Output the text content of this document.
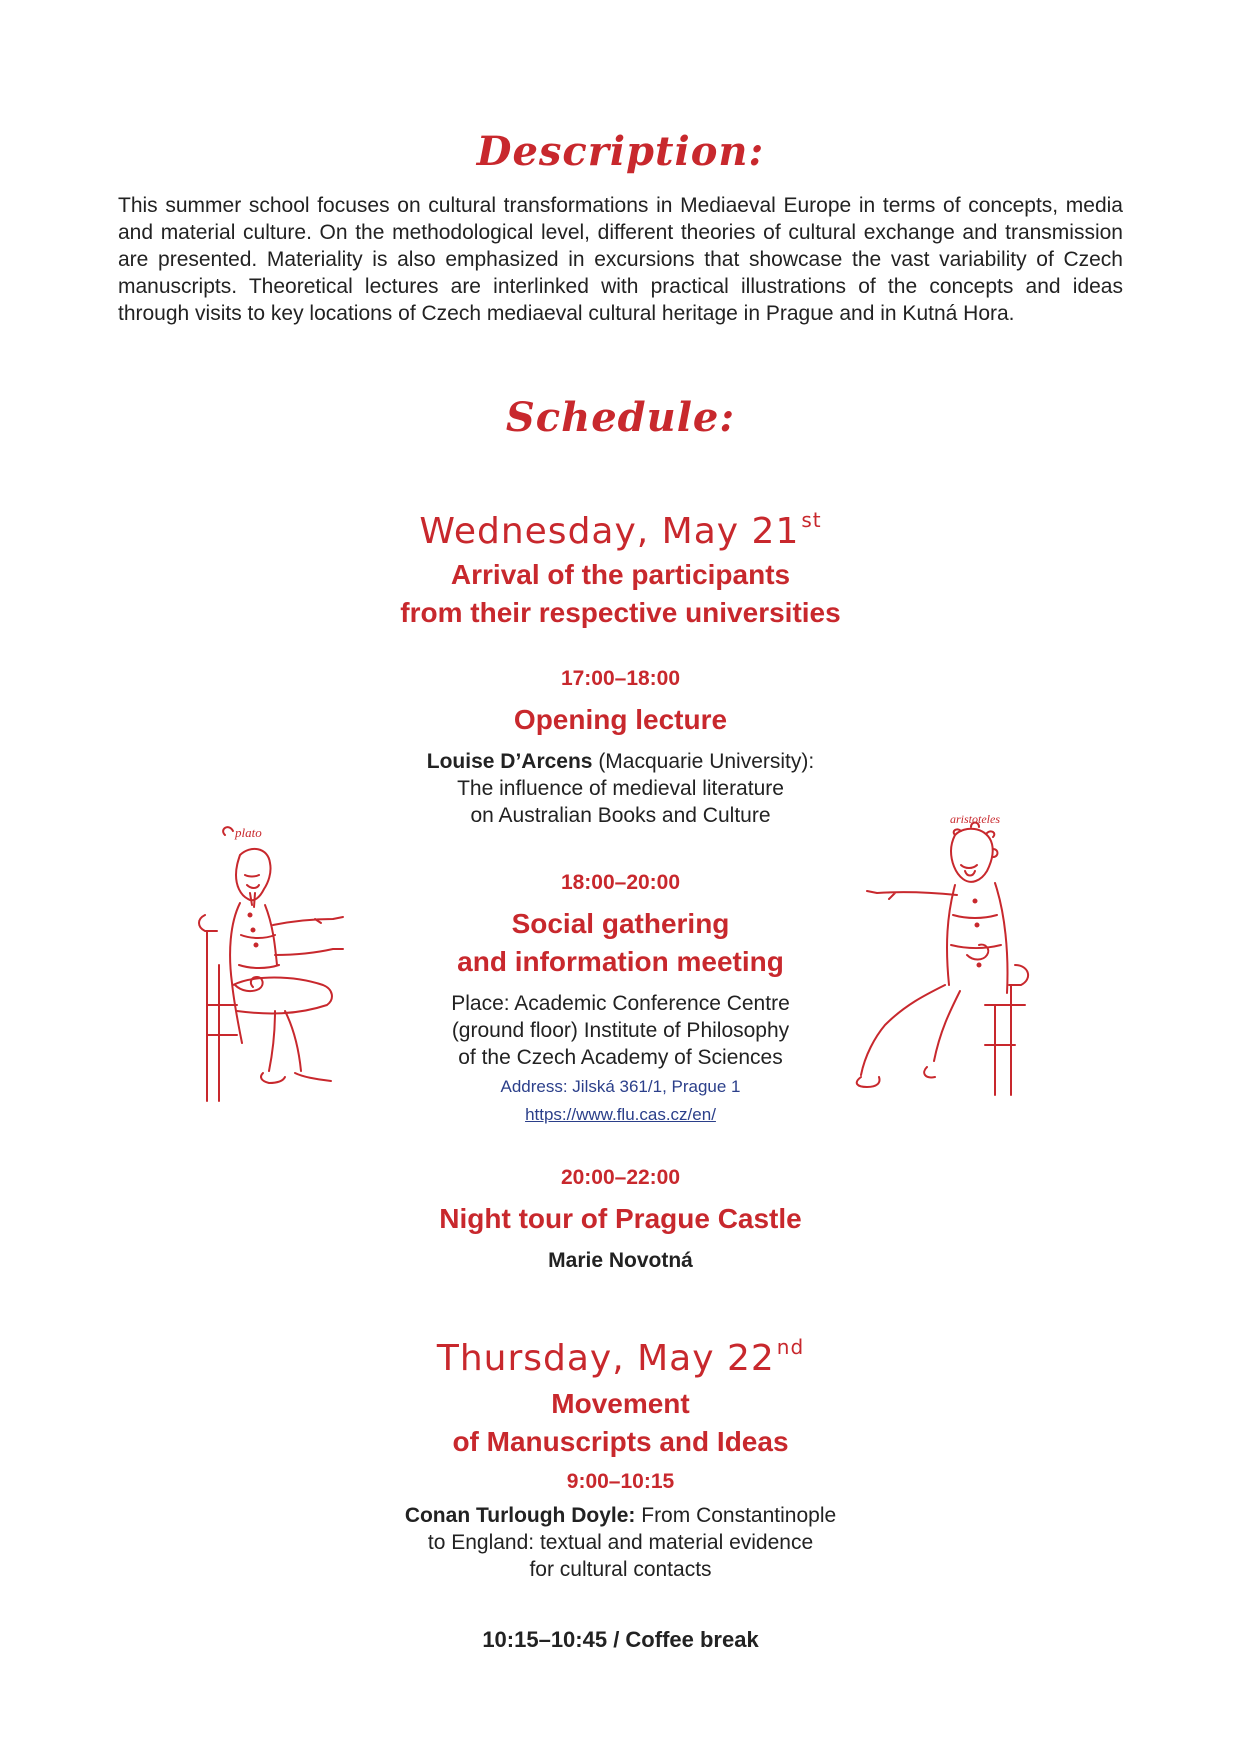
Description:
This summer school focuses on cultural transformations in Mediaeval Europe in terms of concepts, media and material culture. On the methodological level, different theories of cultural exchange and transmission are presented. Materiality is also emphasized in excursions that showcase the vast variability of Czech manuscripts. Theoretical lectures are interlinked with practical illustrations of the concepts and ideas through visits to key locations of Czech mediaeval cultural heritage in Prague and in Kutná Hora.
Schedule:
Wednesday, May 21 $^{st}$
Arrival of the participants
from their respective universities
17:00–18:00
Opening lecture
Louise D’Arcens (Macquarie University):
The influence of medieval literature
on Australian Books and Culture
18:00–20:00
Social gathering
and information meeting
Place: Academic Conference Centre
(ground floor) Institute of Philosophy
of the Czech Academy of Sciences
Address: Jilská 361/1, Prague 1
https://www.flu.cas.cz/en/
20:00–22:00
Night tour of Prague Castle
Marie Novotná
Thursday, May 22 $^{nd}$
Movement
of Manuscripts and Ideas
9:00–10:15
Conan Turlough Doyle: From Constantinople
to England: textual and material evidence
for cultural contacts
10:15–10:45 / Coffee break
plato
aristoteles
